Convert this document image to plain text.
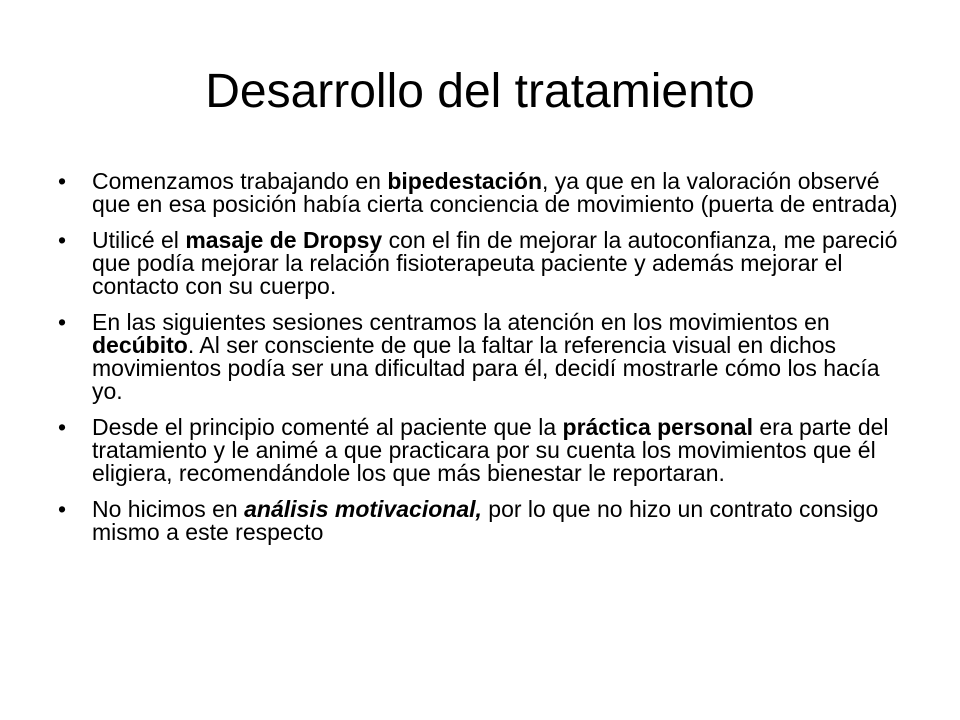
Desarrollo del tratamiento
• Comenzamos trabajando en bipedestación, ya que en la valoración observé que en esa posición había cierta conciencia de movimiento (puerta de entrada)
• Utilicé el masaje de Dropsy con el fin de mejorar la autoconfianza, me pareció que podía mejorar la relación fisioterapeuta paciente y además mejorar el contacto con su cuerpo.
• En las siguientes sesiones centramos la atención en los movimientos en decúbito. Al ser consciente de que la faltar la referencia visual en dichos movimientos podía ser una dificultad para él, decidí mostrarle cómo los hacía yo.
• Desde el principio comenté al paciente que la práctica personal era parte del tratamiento y le animé a que practicara por su cuenta los movimientos que él eligiera, recomendándole los que más bienestar le reportaran.
• No hicimos en análisis motivacional, por lo que no hizo un contrato consigo mismo a este respecto
